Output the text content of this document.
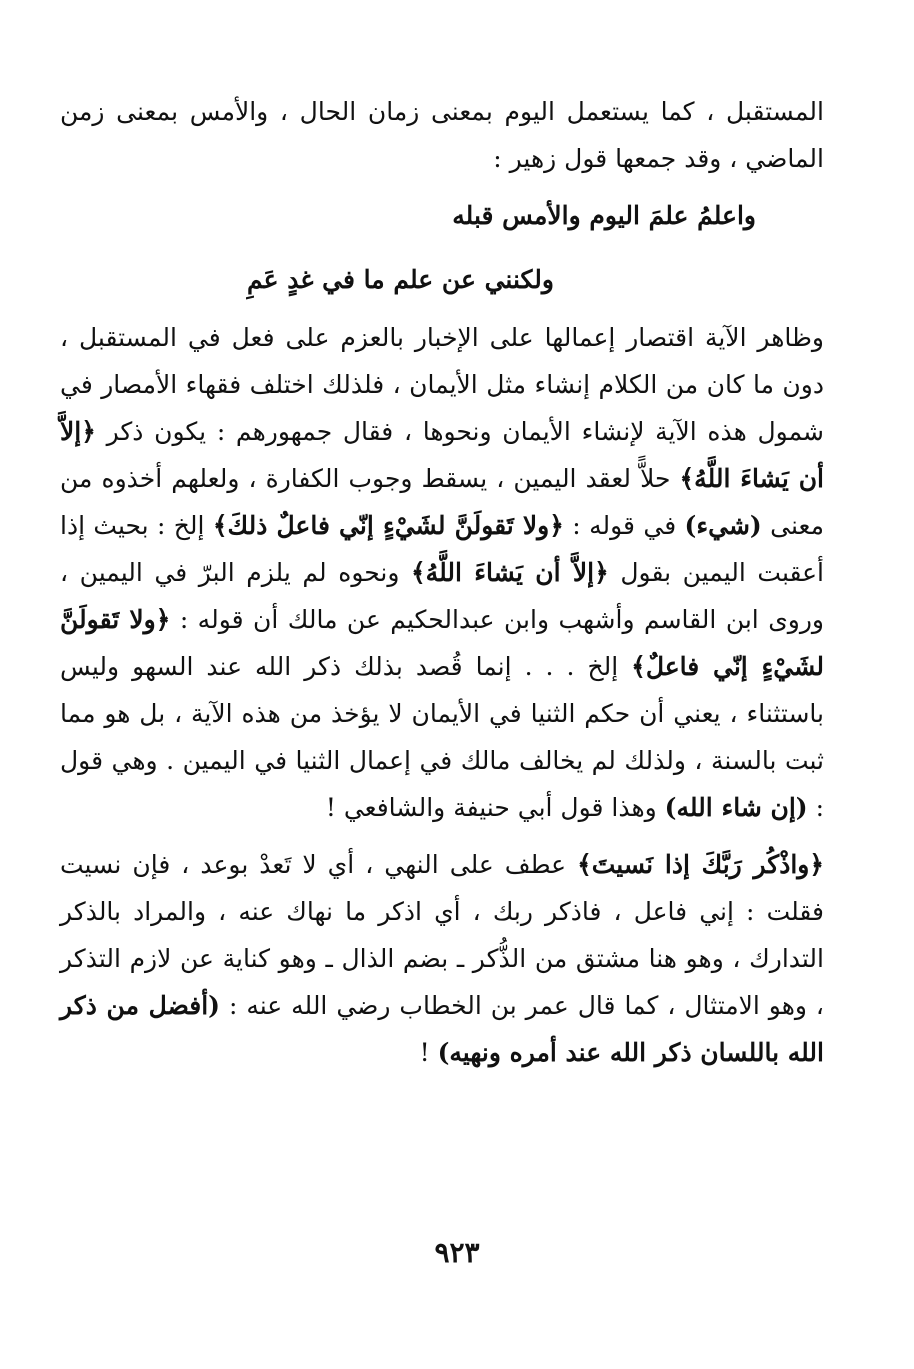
المستقبل ، كما يستعمل اليوم بمعنى زمان الحال ، والأمس بمعنى زمن الماضي ، وقد جمعها قول زهير :

واعلمُ علمَ اليوم والأمس قبله
ولكنني عن علم ما في غدٍ عَمِ

وظاهر الآية اقتصار إعمالها على الإخبار بالعزم على فعل في المستقبل ، دون ما كان من الكلام إنشاء مثل الأيمان ، فلذلك اختلف فقهاء الأمصار في شمول هذه الآية لإنشاء الأيمان ونحوها ، فقال جمهورهم : يكون ذكر ﴿إلاَّ أن يَشاءَ اللَّهُ﴾ حلاًّ لعقد اليمين ، يسقط وجوب الكفارة ، ولعلهم أخذوه من معنى (شيء) في قوله : ﴿ولا تَقولَنَّ لشَيْءٍ إنّي فاعلٌ ذلكَ﴾ إلخ : بحيث إذا أعقبت اليمين بقول ﴿إلاَّ أن يَشاءَ اللَّهُ﴾ ونحوه لم يلزم البرّ في اليمين ، وروى ابن القاسم وأشهب وابن عبدالحكيم عن مالك أن قوله : ﴿ولا تَقولَنَّ لشَيْءٍ إنّي فاعلٌ﴾ إلخ . . . إنما قُصد بذلك ذكر الله عند السهو وليس باستثناء ، يعني أن حكم الثنيا في الأيمان لا يؤخذ من هذه الآية ، بل هو مما ثبت بالسنة ، ولذلك لم يخالف مالك في إعمال الثنيا في اليمين . وهي قول : (إن شاء الله) وهذا قول أبي حنيفة والشافعي !

﴿واذْكُر رَبَّكَ إذا نَسيتَ﴾ عطف على النهي ، أي لا تَعدْ بوعد ، فإن نسيت فقلت : إني فاعل ، فاذكر ربك ، أي اذكر ما نهاك عنه ، والمراد بالذكر التدارك ، وهو هنا مشتق من الذُّكر ـ بضم الذال ـ وهو كناية عن لازم التذكر ، وهو الامتثال ، كما قال عمر بن الخطاب رضي الله عنه : (أفضل من ذكر الله باللسان ذكر الله عند أمره ونهيه) !

٩٢٣
